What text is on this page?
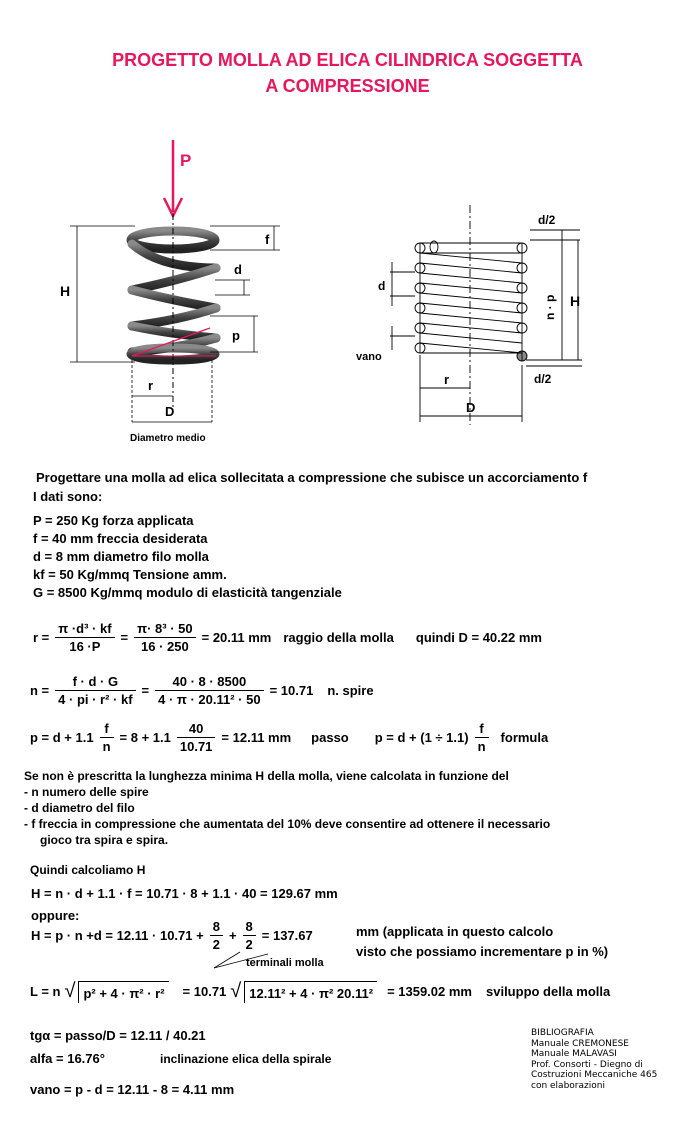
PROGETTO MOLLA AD ELICA CILINDRICA SOGGETTA
A COMPRESSIONE
P
H
f
d
p
r
D
Diametro medio
d/2
d
n · p H
vano
d/2
r
D
Progettare una molla ad elica sollecitata a compressione che subisce un accorciamento f
I dati sono:
P = 250 Kg forza applicata
f = 40 mm freccia desiderata
d = 8 mm diametro filo molla
kf = 50 Kg/mmq Tensione amm.
G = 8500 Kg/mmq modulo di elasticità tangenziale
$r = \frac{\text{π ·d³ · kf}}{16 \cdot P} = \frac{\text{π· 8³ · 50}}{16 \cdot 250} = 20.11$ mm raggio della molla quindi D = 40.22 mm
$n = \frac{f \cdot d \cdot G}{\text{4 · pi · r² · kf}} = \frac{40 \cdot 8 \cdot 8500}{\text{4 · π · 20.11² · 50}} = 10.71$ n. spire
$p = d + 1.1 \frac{f}{n} = 8 + 1.1 \frac{40}{10.71} = 12.11$ mm passo $p = d + (1 \div 1.1) \frac{f}{n}$ formula
Se non è prescritta la lunghezza minima H della molla, viene calcolata in funzione del
- n numero delle spire
- d diametro del filo
- f freccia in compressione che aumentata del 10% deve consentire ad ottenere il necessario
gioco tra spira e spira.
Quindi calcoliamo H
H = n · d + 1.1 · f = 10.71 · 8 + 1.1 · 40 = 129.67 mm
oppure:
$H = p \cdot n +d = 12.11 \cdot 10.71 + \frac{8}{2} + \frac{8}{2} = 137.67$	mm (applicata in questo calcolo
visto che possiamo incrementare p in %)
terminali molla
L = n √ p² + 4 · π² · r²	= 10.71 √ 12.11² + 4 · π² 20.11²	= 1359.02 mm sviluppo della molla
tgα = passo/D = 12.11 / 40.21
alfa = 16.76°	inclinazione elica della spirale
vano = p - d = 12.11 - 8 = 4.11 mm
BIBLIOGRAFIA
Manuale CREMONESE
Manuale MALAVASI
Prof. Consorti - Diegno di
Costruzioni Meccaniche 465
con elaborazioni
